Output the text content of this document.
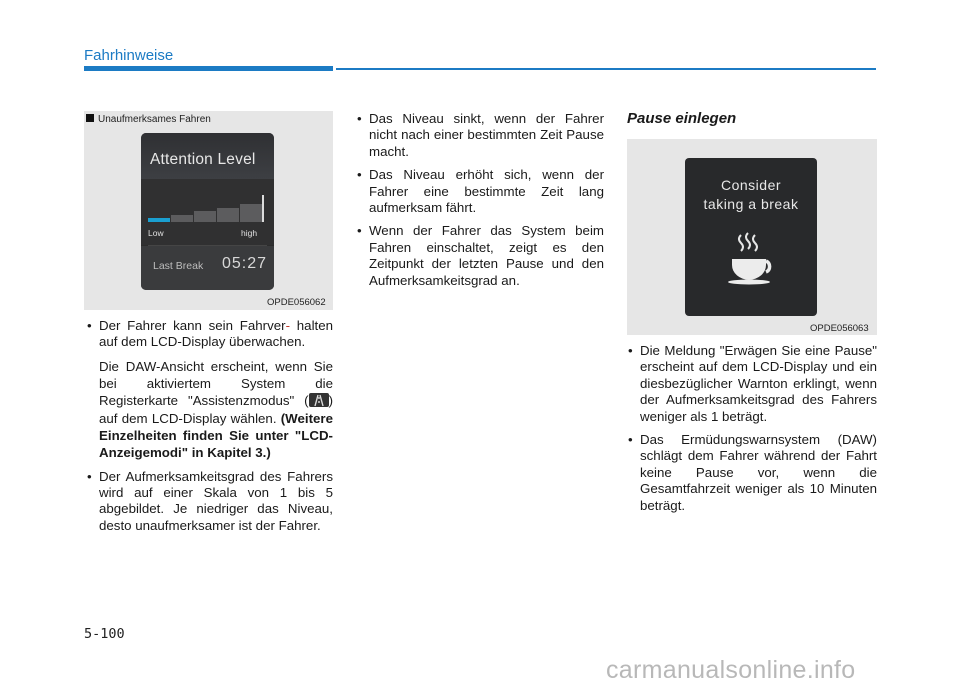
Fahrhinweise
Unaufmerksames Fahren
Attention Level
Low	high
Last Break 05:27
OPDE056062
• Der Fahrer kann sein Fahrver- halten auf dem LCD-Display überwachen.
Die DAW-Ansicht erscheint, wenn Sie bei aktiviertem System die Registerkarte "Assistenzmodus" ( ) auf dem LCD-Display wählen. (Weitere Einzelheiten finden Sie unter "LCD-Anzeigemodi" in Kapitel 3.)
• Der Aufmerksamkeitsgrad des Fahrers wird auf einer Skala von 1 bis 5 abgebildet. Je niedriger das Niveau, desto unaufmerksamer ist der Fahrer.
• Das Niveau sinkt, wenn der Fahrer nicht nach einer bestimmten Zeit Pause macht.
• Das Niveau erhöht sich, wenn der Fahrer eine bestimmte Zeit lang aufmerksam fährt.
• Wenn der Fahrer das System beim Fahren einschaltet, zeigt es den Zeitpunkt der letzten Pause und den Aufmerksamkeitsgrad an.
Pause einlegen
Consider
taking a break
OPDE056063
• Die Meldung "Erwägen Sie eine Pause" erscheint auf dem LCD-Display und ein diesbezüglicher Warnton erklingt, wenn der Aufmerksamkeitsgrad des Fahrers weniger als 1 beträgt.
• Das Ermüdungswarnsystem (DAW) schlägt dem Fahrer während der Fahrt keine Pause vor, wenn die Gesamtfahrzeit weniger als 10 Minuten beträgt.
5-100
carmanualsonline.info
